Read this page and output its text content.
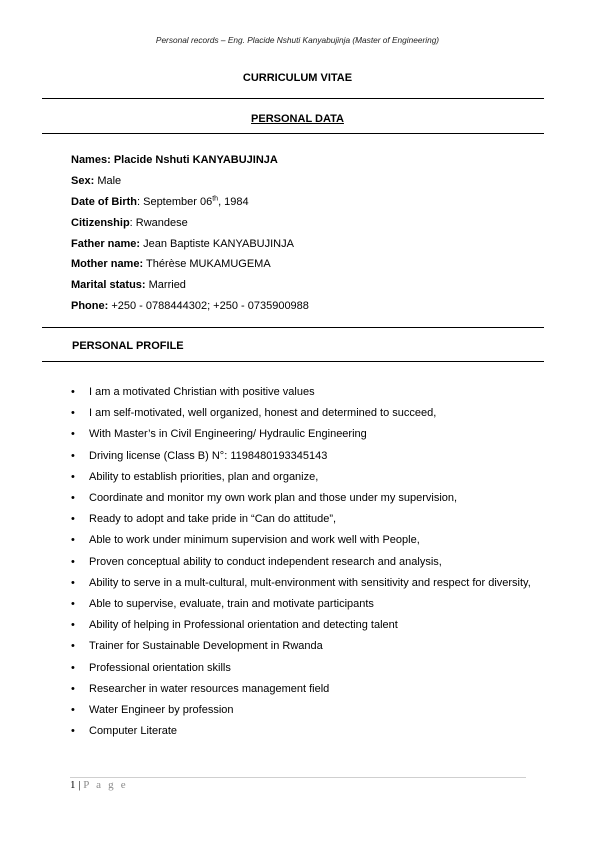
Personal records – Eng. Placide Nshuti Kanyabujinja (Master of Engineering)
CURRICULUM VITAE
PERSONAL DATA
Names: Placide Nshuti KANYABUJINJA
Sex: Male
Date of Birth: September 06th, 1984
Citizenship: Rwandese
Father name: Jean Baptiste KANYABUJINJA
Mother name: Thérèse MUKAMUGEMA
Marital status: Married
Phone: +250 - 0788444302; +250 - 0735900988
PERSONAL PROFILE
• I am a motivated Christian with positive values
• I am self-motivated, well organized, honest and determined to succeed,
• With Master’s in Civil Engineering/ Hydraulic Engineering
• Driving license (Class B) N°: 1198480193345143
• Ability to establish priorities, plan and organize,
• Coordinate and monitor my own work plan and those under my supervision,
• Ready to adopt and take pride in “Can do attitude”,
• Able to work under minimum supervision and work well with People,
• Proven conceptual ability to conduct independent research and analysis,
• Ability to serve in a mult-cultural, mult-environment with sensitivity and respect for diversity,
• Able to supervise, evaluate, train and motivate participants
• Ability of helping in Professional orientation and detecting talent
• Trainer for Sustainable Development in Rwanda
• Professional orientation skills
• Researcher in water resources management field
• Water Engineer by profession
• Computer Literate
1 | P a g e
